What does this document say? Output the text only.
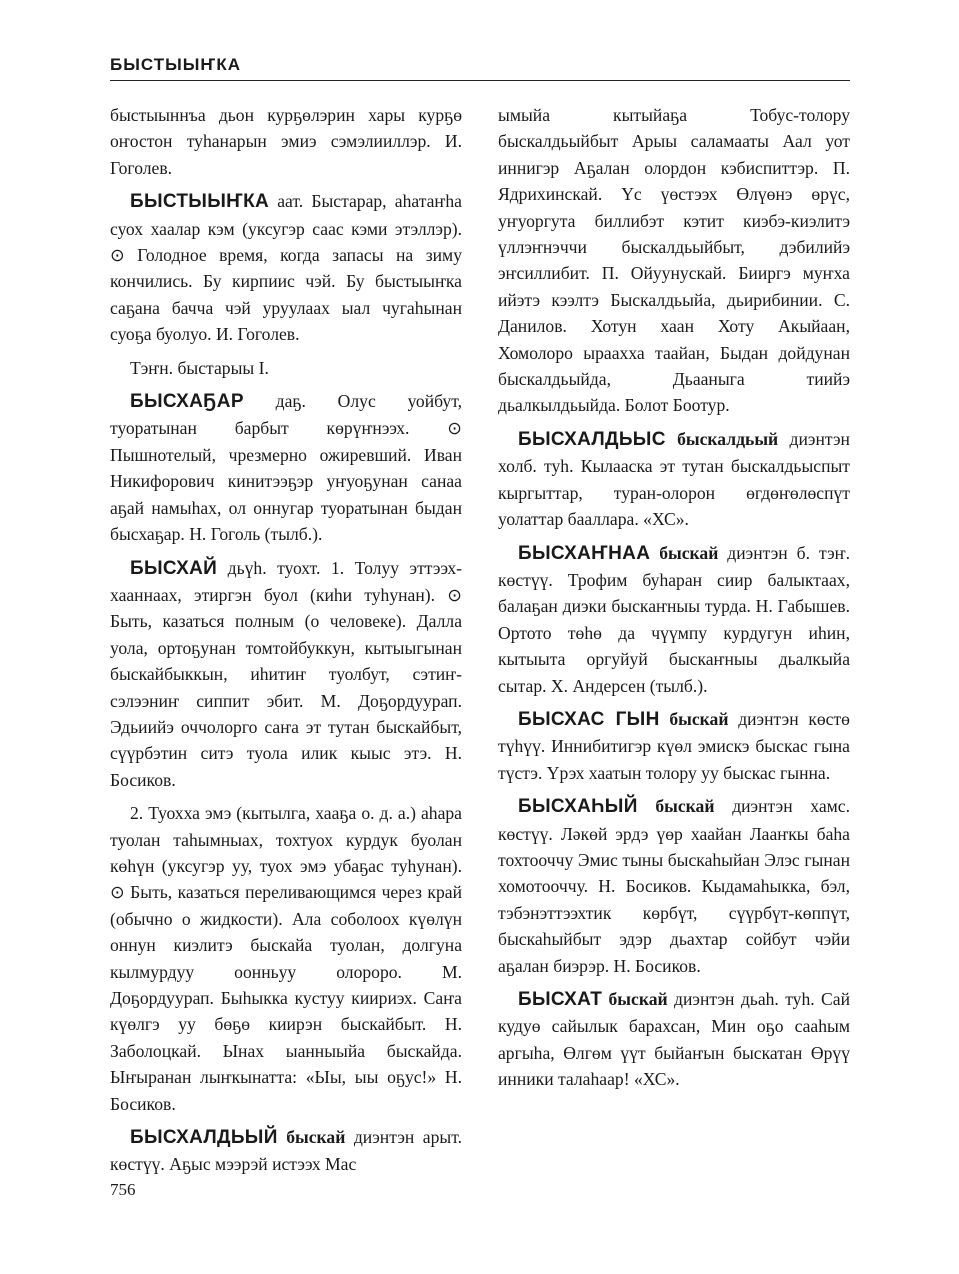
БЫСТЫЫҤКА

быстыыннъа дьон курҕөлэрин хары курҕө оҥостон туһанарын эмиэ сэмэлииллэр. И. Гоголев.

БЫСТЫЫҤКА аат. Быстарар, аһатаҥһа суох хаалар кэм (уксугэр саас кэми этэллэр). ⊙ Голодное время, когда запасы на зиму кончились. Бу кирпиис чэй. Бу быстыыҥка саҕана бачча чэй уруулаах ыал чугаһынан суоҕа буолуо. И. Гоголев.

Тэҥн. быстарыы I.

БЫСХАҔАР даҕ. Олус уойбут, туоратынан барбыт көрүҥнээх. ⊙ Пышнотелый, чрезмерно ожиревший. Иван Никифорович кинитээҕэр уҥуоҕунан санаа аҕай намыһах, ол оннугар туоратынан быдан бысхаҕар. Н. Гоголь (тылб.).

БЫСХАЙ дьүһ. туохт. 1. Толуу эттээх-хааннаах, этиргэн буол (киһи туһунан). ⊙ Быть, казаться полным (о человеке). Далла уола, ортоҕунан томтойбуккун, кытыыгынан быскайбыккын, иһитиҥ туолбут, сэтиҥ-сэлээниҥ сиппит эбит. М. Доҕордуурап. Эдьиийэ оччолорго саҥа эт тутан быскайбыт, сүүрбэтин ситэ туола илик кыыс этэ. Н. Босиков.

2. Туохха эмэ (кытылга, хааҕа о. д. а.) аһара туолан таһымныах, тохтуох курдук буолан көһүн (уксугэр уу, туох эмэ убаҕас туһунан). ⊙ Быть, казаться переливающимся через край (обычно о жидкости). Ала соболоох күөлүн оннун киэлитэ быскайа туолан, долгуна кылмурдуу оонньуу олороро. М. Доҕордуурап. Быһыкка кустуу киириэх. Саҥа күөлгэ уу бөҕө киирэн быскайбыт. Н. Заболоцкай. Ынах ыанныыйа быскайда. Ыҥыранан лыҥкынатта: «Ыы, ыы оҕус!» Н. Босиков.

БЫСХАЛДЬЫЙ быскай диэнтэн арыт. көстүү. Аҕыс мээрэй истээх Мас

ымыйа кытыйаҕа Тобус-толору быскалдьыйбыт Арыы саламааты Аал уот иннигэр Аҕалан олордон кэбиспиттэр. П. Ядрихинскай. Үс үөстээх Өлүөнэ өрүс, уҥуоргута биллибэт кэтит киэбэ-киэлитэ үллэҥнэччи быскалдьыйбыт, дэбилийэ эҥсиллибит. П. Ойуунускай. Бииргэ муҥха ийэтэ кээлтэ Быскалдьыйа, дьирибинии. С. Данилов. Хотун хаан Хоту Акыйаан, Хомолоро ыраахха таайан, Быдан дойдунан быскалдьыйда, Дьааныга тиийэ дьалкылдьыйда. Болот Боотур.

БЫСХАЛДЬЫС быскалдьый диэнтэн холб. туһ. Кылааска эт тутан быскалдьыспыт кыргыттар, туран-олорон өгдөҥөлөспүт уолаттар бааллара. «ХС».

БЫСХАҤНАА быскай диэнтэн б. тэҥ. көстүү. Трофим буһаран сиир балыктаах, балаҕан диэки быскаҥныы турда. Н. Габышев. Ортото төһө да чүүмпу курдугун иһин, кытыыта оргуйуй быскаҥныы дьалкыйа сытар. Х. Андерсен (тылб.).

БЫСХАС ГЫН быскай диэнтэн көстө түһүү. Иннибитигэр күөл эмискэ быскас гына түстэ. Үрэх хаатын толору уу быскас гынна.

БЫСХАҺЫЙ быскай диэнтэн хамс. көстүү. Ләкөй эрдэ үөр хаайан Лааҥкы баһа тохтооччу Эмис тыны быскаһыйан Элэс гынан хомотооччу. Н. Босиков. Кыдамаһыкка, бэл, тэбэнэттээхтик көрбүт, сүүрбүт-көппүт, быскаһыйбыт эдэр дьахтар сойбут чэйи аҕалан биэрэр. Н. Босиков.

БЫСХАТ быскай диэнтэн дьаһ. туһ. Сай кудуө сайылык барахсан, Мин оҕо сааһым аргыһа, Өлгөм үүт быйаҥын быскатан Өрүү инники талаһаар! «ХС».

756
